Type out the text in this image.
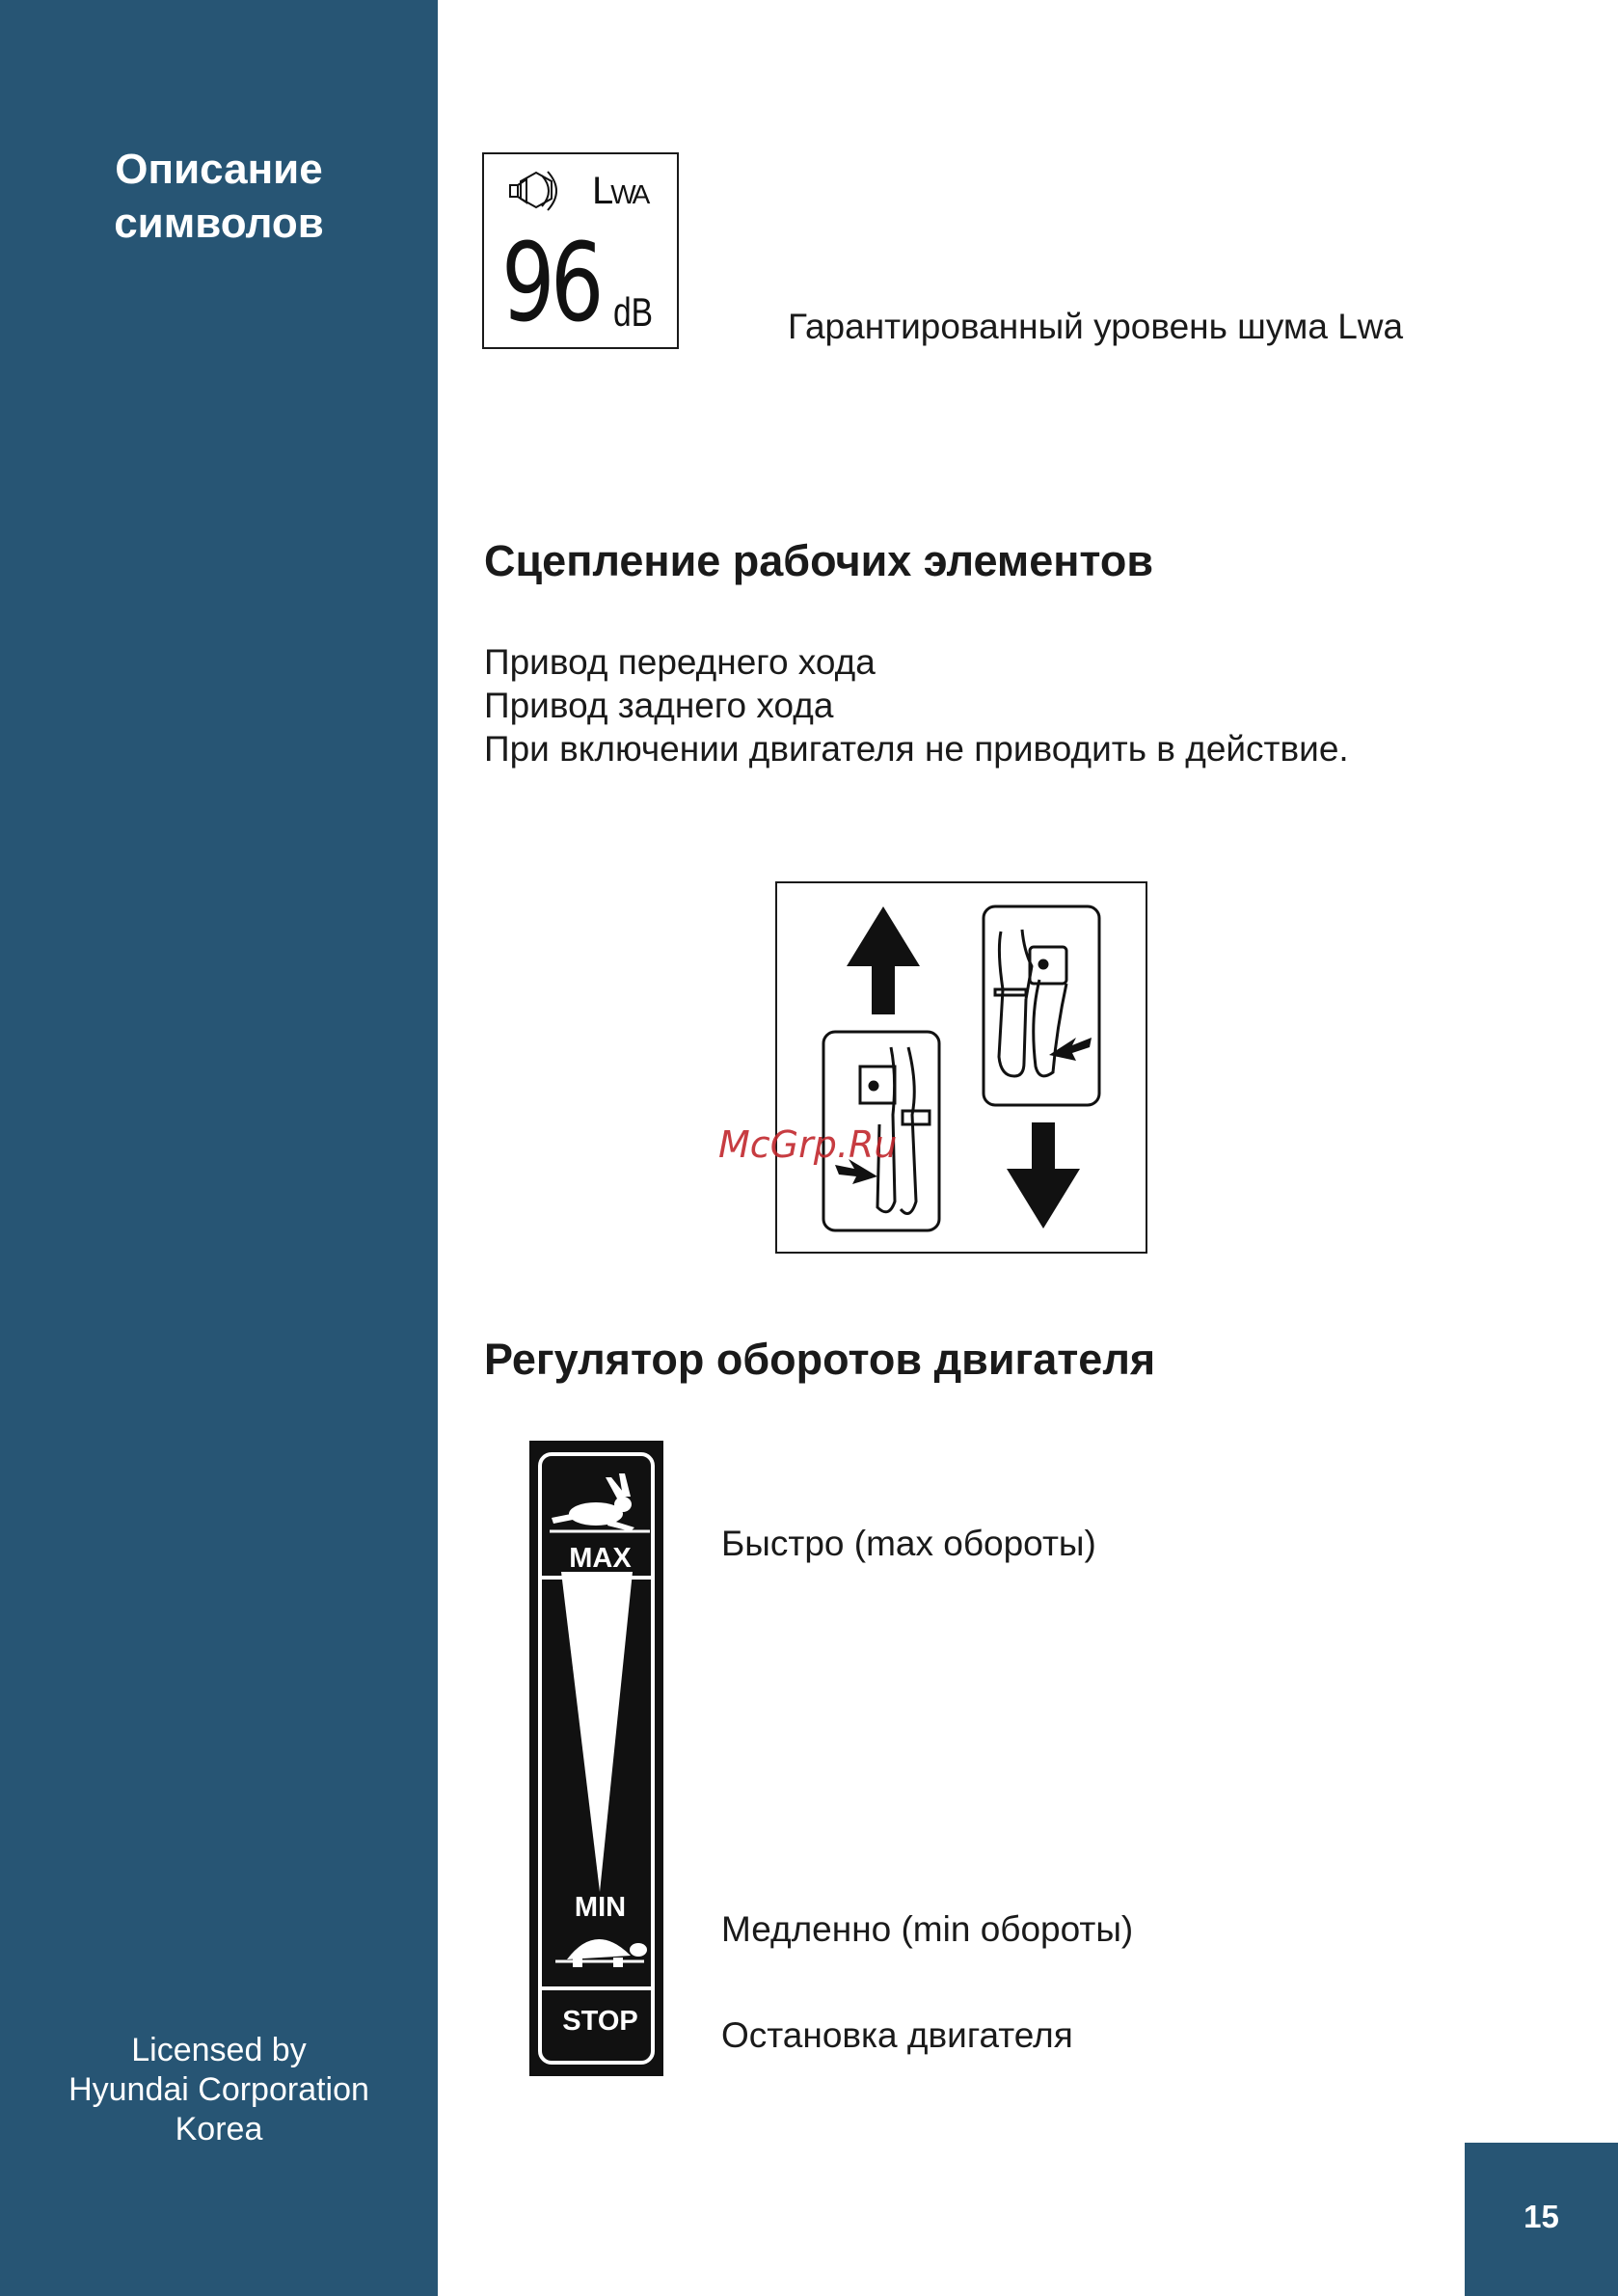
Описание
символов
Licensed by
Hyundai Corporation
Korea
15
LWA
96 dB	Гарантированный уровень шума Lwa
Сцепление рабочих элементов
Привод переднего хода
Привод заднего хода
При включении двигателя не приводить в действие.
McGrp.Ru
Регулятор оборотов двигателя
MAX
MIN
STOP
Быстро (max обороты)
Медленно (min обороты)
Остановка двигателя
